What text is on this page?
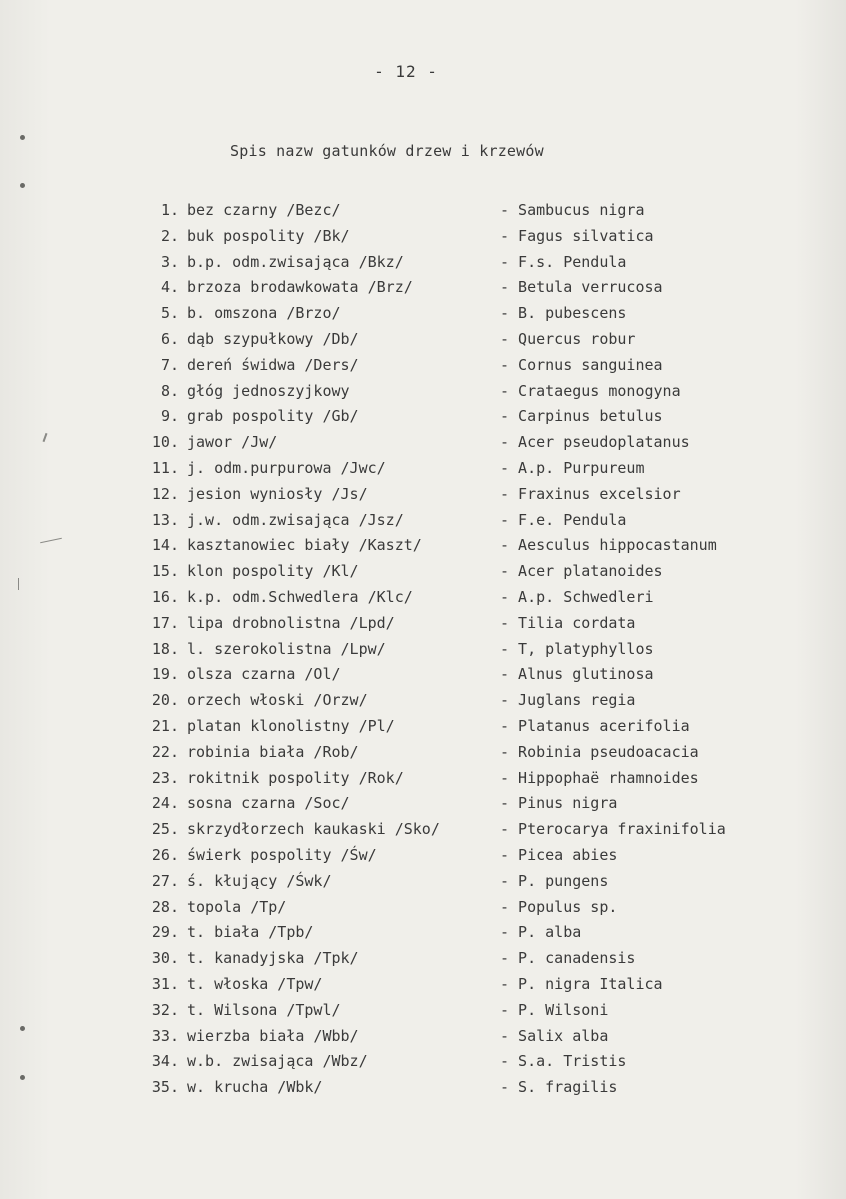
- 12 -
Spis nazw gatunków drzew i krzewów
1. bez czarny /Bezc/	- Sambucus nigra
2. buk pospolity /Bk/	- Fagus silvatica
3. b.p. odm.zwisająca /Bkz/	- F.s. Pendula
4. brzoza brodawkowata /Brz/	- Betula verrucosa
5. b. omszona /Brzo/	- B. pubescens
6. dąb szypułkowy /Db/	- Quercus robur
7. dereń świdwa /Ders/	- Cornus sanguinea
8. głóg jednoszyjkowy	- Crataegus monogyna
9. grab pospolity /Gb/	- Carpinus betulus
10. jawor /Jw/	- Acer pseudoplatanus
11. j. odm.purpurowa /Jwc/	- A.p. Purpureum
12. jesion wyniosły /Js/	- Fraxinus excelsior
13. j.w. odm.zwisająca /Jsz/	- F.e. Pendula
14. kasztanowiec biały /Kaszt/	- Aesculus hippocastanum
15. klon pospolity /Kl/	- Acer platanoides
16. k.p. odm.Schwedlera /Klc/	- A.p. Schwedleri
17. lipa drobnolistna /Lpd/	- Tilia cordata
18. l. szerokolistna /Lpw/	- T, platyphyllos
19. olsza czarna /Ol/	- Alnus glutinosa
20. orzech włoski /Orzw/	- Juglans regia
21. platan klonolistny /Pl/	- Platanus acerifolia
22. robinia biała /Rob/	- Robinia pseudoacacia
23. rokitnik pospolity /Rok/	- Hippophaë rhamnoides
24. sosna czarna /Soc/	- Pinus nigra
25. skrzydłorzech kaukaski /Sko/	- Pterocarya fraxinifolia
26. świerk pospolity /Św/	- Picea abies
27. ś. kłujący /Śwk/	- P. pungens
28. topola /Tp/	- Populus sp.
29. t. biała /Tpb/	- P. alba
30. t. kanadyjska /Tpk/	- P. canadensis
31. t. włoska /Tpw/	- P. nigra Italica
32. t. Wilsona /Tpwl/	- P. Wilsoni
33. wierzba biała /Wbb/	- Salix alba
34. w.b. zwisająca /Wbz/	- S.a. Tristis
35. w. krucha /Wbk/	- S. fragilis
